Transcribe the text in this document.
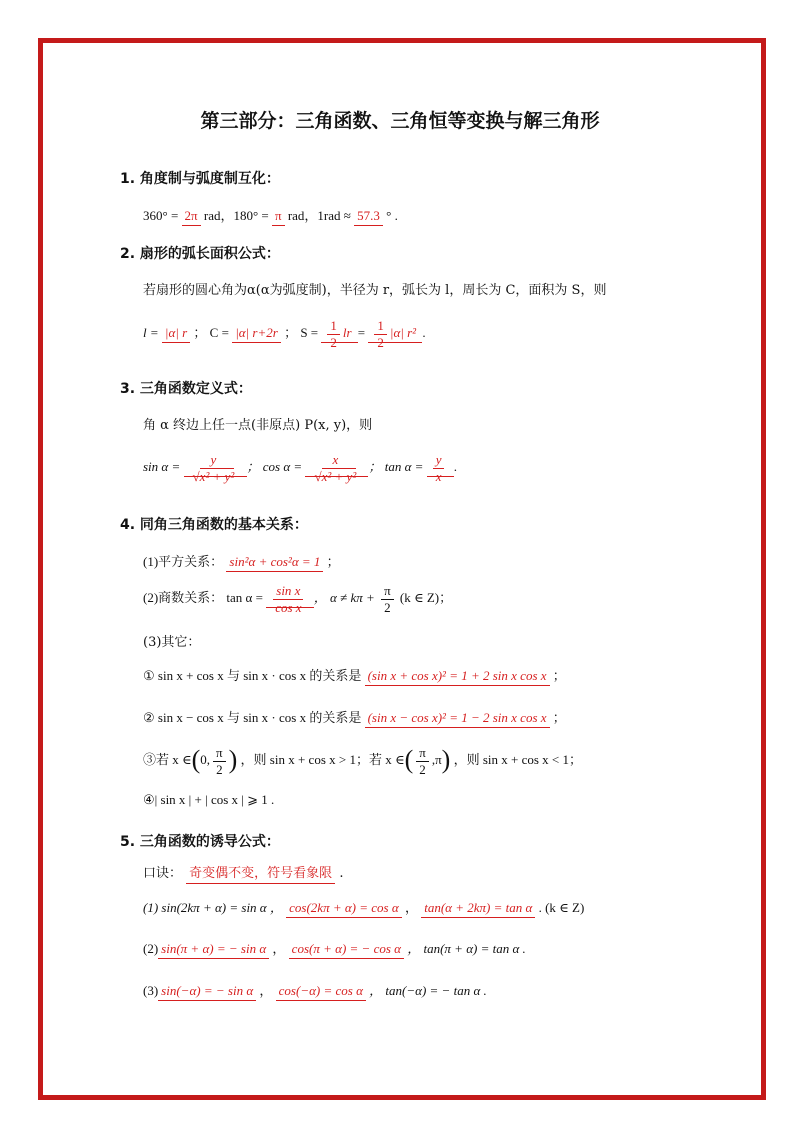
第三部分：三角函数、三角恒等变换与解三角形
1. 角度制与弧度制互化：
360° = 2π rad，180° = π rad，1rad ≈ 57.3 ° .
2. 扇形的弧长面积公式：
若扇形的圆心角为α(α为弧度制)，半径为 r，弧长为 l，周长为 C，面积为 S，则
l = |α| r ； C = |α| r+2r ； $S = \frac{1}{2}$ lr = $\frac{1}{2} |\alpha|$ r² .
3. 三角函数定义式：
角 α 终边上任一点(非原点) P(x, y)，则
$\sin \alpha = \frac{y}{\text{√x² + y²}}$ ； $\cos \alpha = \frac{x}{\text{√x² + y²}}$ ； $\tan \alpha = \frac{y}{x}$ .
4. 同角三角函数的基本关系：
(1)平方关系： sin²α + cos²α = 1 ；
(2)商数关系： $\tan \alpha = \frac{\text{sin x}}{\text{cos x}}$ ， $\alpha \ne k\pi + \frac{\pi}{2} (k$ ∈ Z)；
(3)其它：
① sin x + cos x 与 sin x · cos x 的关系是 (sin x + cos x)² = 1 + 2 sin x cos x ；
② sin x − cos x 与 sin x · cos x 的关系是 (sin x − cos x)² = 1 − 2 sin x cos x ；
③若 x ∈(0, $\frac{\pi}{2}$ ) ，则 sin x + cos x > 1；若 x ∈( $\frac{\pi}{2} ,\pi$) ，则 sin x + cos x < 1；
④| sin x | + | cos x | ⩾ 1 .
5. 三角函数的诱导公式：
口诀： 奇变偶不变，符号看象限 .
(1) sin(2kπ + α) = sin α ， cos(2kπ + α) = cos α ， tan(α + 2kπ) = tan α . (k ∈ Z)
(2) sin(π + α) = − sin α ， cos(π + α) = − cos α ， tan(π + α) = tan α .
(3) sin(−α) = − sin α ， cos(−α) = cos α ， tan(−α) = − tan α .
